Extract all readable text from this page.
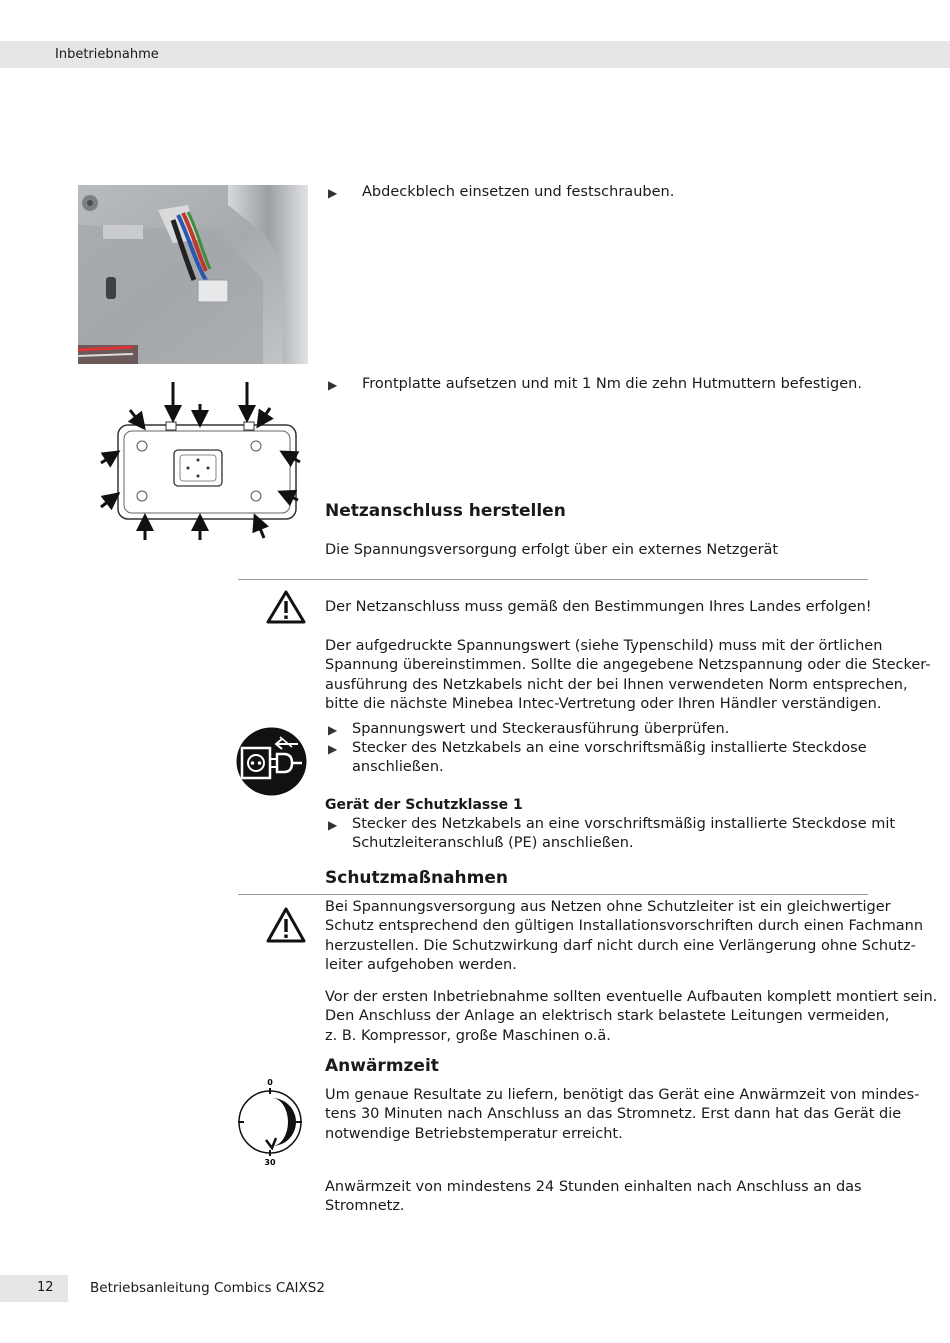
Inbetriebnahme
▶ Abdeckblech einsetzen und festschrauben.
▶ Frontplatte aufsetzen und mit 1 Nm die zehn Hutmuttern befestigen.
Netzanschluss herstellen
Die Spannungsversorgung erfolgt über ein externes Netzgerät
Der Netzanschluss muss gemäß den Bestimmungen Ihres Landes erfolgen!
Der aufgedruckte Spannungswert (siehe Typenschild) muss mit der örtlichen
Spannung übereinstimmen. Sollte die angegebene Netzspannung oder die Stecker-
ausführung des Netzkabels nicht der bei Ihnen verwendeten Norm entsprechen,
bitte die nächste Minebea Intec-Vertretung oder Ihren Händler verständigen.
▶ Spannungswert und Steckerausführung überprüfen.
▶ Stecker des Netzkabels an eine vorschriftsmäßig installierte Steckdose
anschließen.
Gerät der Schutzklasse 1
▶ Stecker des Netzkabels an eine vorschriftsmäßig installierte Steckdose mit
Schutzleiteranschluß (PE) anschließen.
Schutzmaßnahmen
Bei Spannungsversorgung aus Netzen ohne Schutzleiter ist ein gleichwertiger
Schutz entsprechend den gültigen Installationsvorschriften durch einen Fachmann
herzustellen. Die Schutzwirkung darf nicht durch eine Verlängerung ohne Schutz-
leiter aufgehoben werden.
Vor der ersten Inbetriebnahme sollten eventuelle Aufbauten komplett montiert sein.
Den Anschluss der Anlage an elektrisch stark belastete Leitungen vermeiden,
z. B. Kompressor, große Maschinen o.ä.
Anwärmzeit
0
30
Um genaue Resultate zu liefern, benötigt das Gerät eine Anwärmzeit von mindes-
tens 30 Minuten nach Anschluss an das Stromnetz. Erst dann hat das Gerät die
notwendige Betriebstemperatur erreicht.
Anwärmzeit von mindestens 24 Stunden einhalten nach Anschluss an das
Stromnetz.
12	Betriebsanleitung Combics CAIXS2
